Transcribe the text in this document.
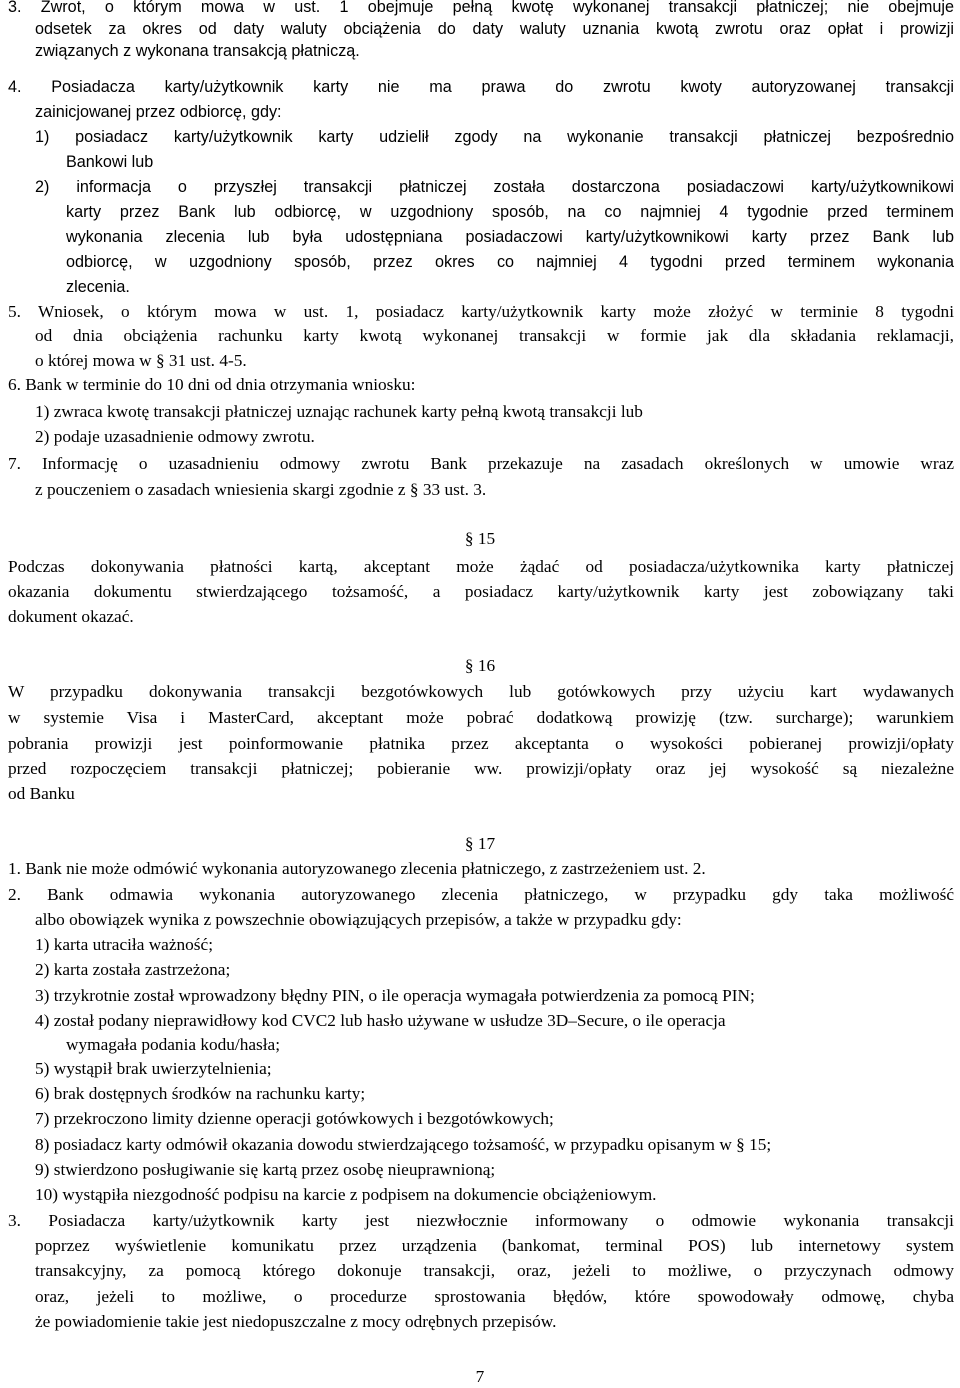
3. Zwrot, o którym mowa w ust. 1 obejmuje pełną kwotę wykonanej transakcji płatniczej; nie obejmuje
odsetek za okres od daty waluty obciążenia do daty waluty uznania kwotą zwrotu oraz opłat i prowizji
związanych z wykonana transakcją płatniczą.
4. Posiadacza karty/użytkownik karty nie ma prawa do zwrotu kwoty autoryzowanej transakcji
zainicjowanej przez odbiorcę, gdy:
1) posiadacz karty/użytkownik karty udzielił zgody na wykonanie transakcji płatniczej bezpośrednio
Bankowi lub
2) informacja o przyszłej transakcji płatniczej została dostarczona posiadaczowi karty/użytkownikowi
karty przez Bank lub odbiorcę, w uzgodniony sposób, na co najmniej 4 tygodnie przed terminem
wykonania zlecenia lub była udostępniana posiadaczowi karty/użytkownikowi karty przez Bank lub
odbiorcę, w uzgodniony sposób, przez okres co najmniej 4 tygodni przed terminem wykonania
zlecenia.
5. Wniosek, o którym mowa w ust. 1, posiadacz karty/użytkownik karty może złożyć w terminie 8 tygodni
od dnia obciążenia rachunku karty kwotą wykonanej transakcji w formie jak dla składania reklamacji,
o której mowa w § 31 ust. 4-5.
6. Bank w terminie do 10 dni od dnia otrzymania wniosku:
1) zwraca kwotę transakcji płatniczej uznając rachunek karty pełną kwotą transakcji lub
2) podaje uzasadnienie odmowy zwrotu.
7. Informację o uzasadnieniu odmowy zwrotu Bank przekazuje na zasadach określonych w umowie wraz
z pouczeniem o zasadach wniesienia skargi zgodnie z § 33 ust. 3.
§ 15
Podczas dokonywania płatności kartą, akceptant może żądać od posiadacza/użytkownika karty płatniczej
okazania dokumentu stwierdzającego tożsamość, a posiadacz karty/użytkownik karty jest zobowiązany taki
dokument okazać.
§ 16
W przypadku dokonywania transakcji bezgotówkowych lub gotówkowych przy użyciu kart wydawanych
w systemie Visa i MasterCard, akceptant może pobrać dodatkową prowizję (tzw. surcharge); warunkiem
pobrania prowizji jest poinformowanie płatnika przez akceptanta o wysokości pobieranej prowizji/opłaty
przed rozpoczęciem transakcji płatniczej; pobieranie ww. prowizji/opłaty oraz jej wysokość są niezależne
od Banku
§ 17
1. Bank nie może odmówić wykonania autoryzowanego zlecenia płatniczego, z zastrzeżeniem ust. 2.
2. Bank odmawia wykonania autoryzowanego zlecenia płatniczego, w przypadku gdy taka możliwość
albo obowiązek wynika z powszechnie obowiązujących przepisów, a także w przypadku gdy:
1) karta utraciła ważność;
2) karta została zastrzeżona;
3) trzykrotnie został wprowadzony błędny PIN, o ile operacja wymagała potwierdzenia za pomocą PIN;
4) został podany nieprawidłowy kod CVC2 lub hasło używane w usłudze 3D–Secure, o ile operacja
wymagała podania kodu/hasła;
5) wystąpił brak uwierzytelnienia;
6) brak dostępnych środków na rachunku karty;
7) przekroczono limity dzienne operacji gotówkowych i bezgotówkowych;
8) posiadacz karty odmówił okazania dowodu stwierdzającego tożsamość, w przypadku opisanym w § 15;
9) stwierdzono posługiwanie się kartą przez osobę nieuprawnioną;
10) wystąpiła niezgodność podpisu na karcie z podpisem na dokumencie obciążeniowym.
3. Posiadacza karty/użytkownik karty jest niezwłocznie informowany o odmowie wykonania transakcji
poprzez wyświetlenie komunikatu przez urządzenia (bankomat, terminal POS) lub internetowy system
transakcyjny, za pomocą którego dokonuje transakcji, oraz, jeżeli to możliwe, o przyczynach odmowy
oraz, jeżeli to możliwe, o procedurze sprostowania błędów, które spowodowały odmowę, chyba
że powiadomienie takie jest niedopuszczalne z mocy odrębnych przepisów.
7
